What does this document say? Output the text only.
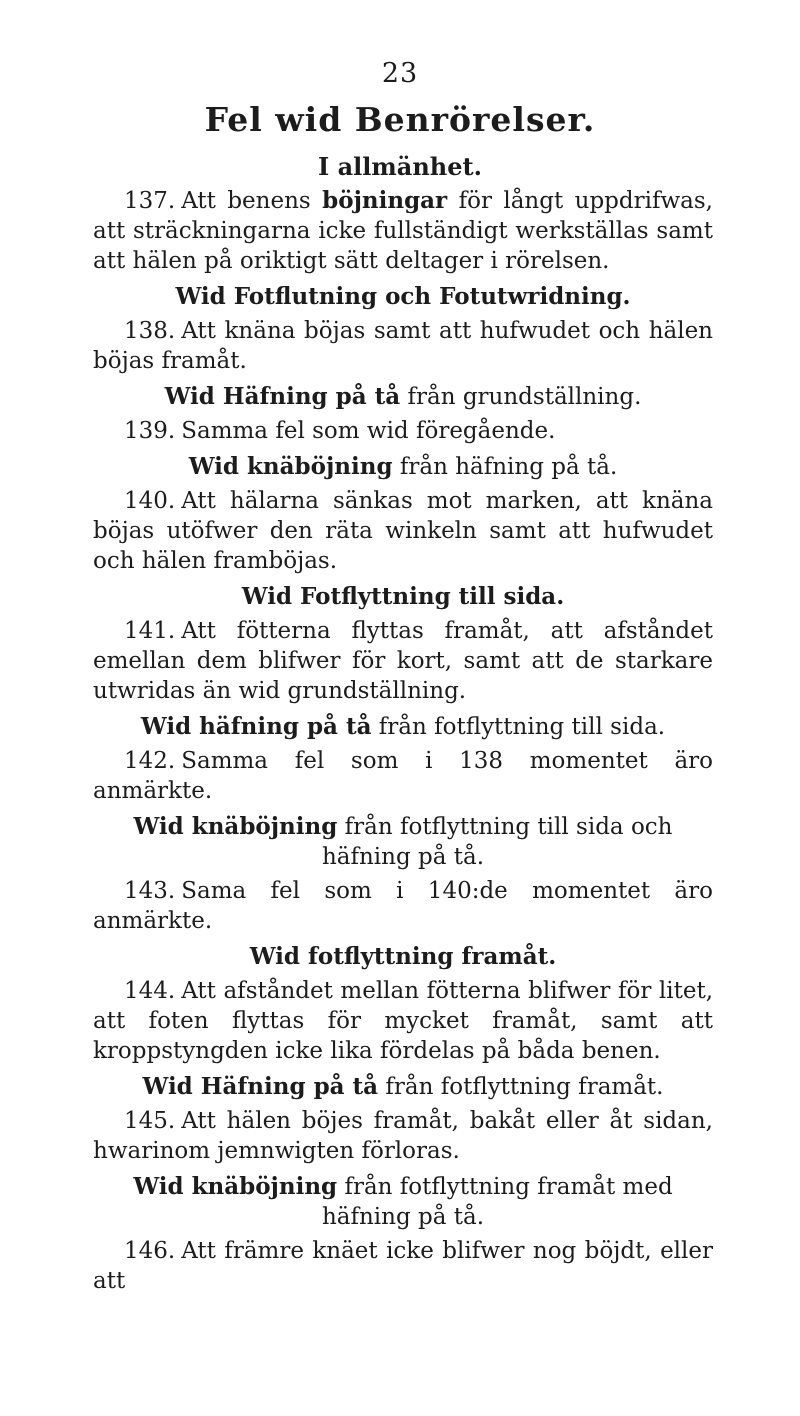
23
Fel wid Benrörelser.
I allmänhet.

137. Att benens böjningar för långt uppdrifwas, att sträckningarna icke fullständigt werkställas samt att hälen på oriktigt sätt deltager i rörelsen.

Wid Fotflutning och Fotutwridning.

138. Att knäna böjas samt att hufwudet och hälen böjas framåt.

Wid Häfning på tå från grundställning.

139. Samma fel som wid föregående.

Wid knäböjning från häfning på tå.

140. Att hälarna sänkas mot marken, att knäna böjas utöfwer den räta winkeln samt att hufwudet och hälen framböjas.

Wid Fotflyttning till sida.

141. Att fötterna flyttas framåt, att afståndet emellan dem blifwer för kort, samt att de starkare utwridas än wid grundställning.

Wid häfning på tå från fotflyttning till sida.

142. Samma fel som i 138 momentet äro anmärkte.

Wid knäböjning från fotflyttning till sida och häfning på tå.

143. Sama fel som i 140:de momentet äro anmärkte.

Wid fotflyttning framåt.

144. Att afståndet mellan fötterna blifwer för litet, att foten flyttas för mycket framåt, samt att kroppstyngden icke lika fördelas på båda benen.

Wid Häfning på tå från fotflyttning framåt.

145. Att hälen böjes framåt, bakåt eller åt sidan, hwarinom jemnwigten förloras.

Wid knäböjning från fotflyttning framåt med häfning på tå.

146. Att främre knäet icke blifwer nog böjdt, eller att
